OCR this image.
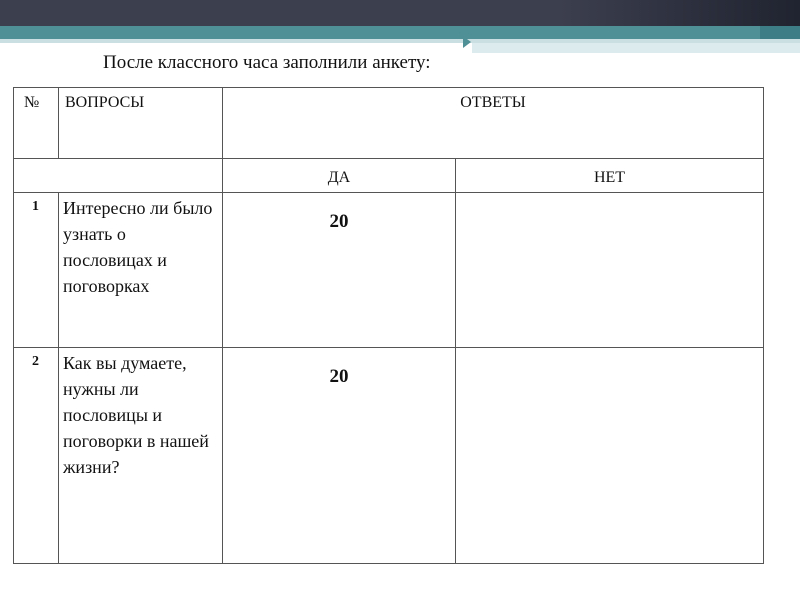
После классного часа заполнили анкету:
№	ВОПРОСЫ	ОТВЕТЫ	
		ДА	НЕТ
1	Интересно ли было узнать о пословицах и поговорках	20	
2	Как вы думаете, нужны ли пословицы и поговорки в нашей жизни?	20	
